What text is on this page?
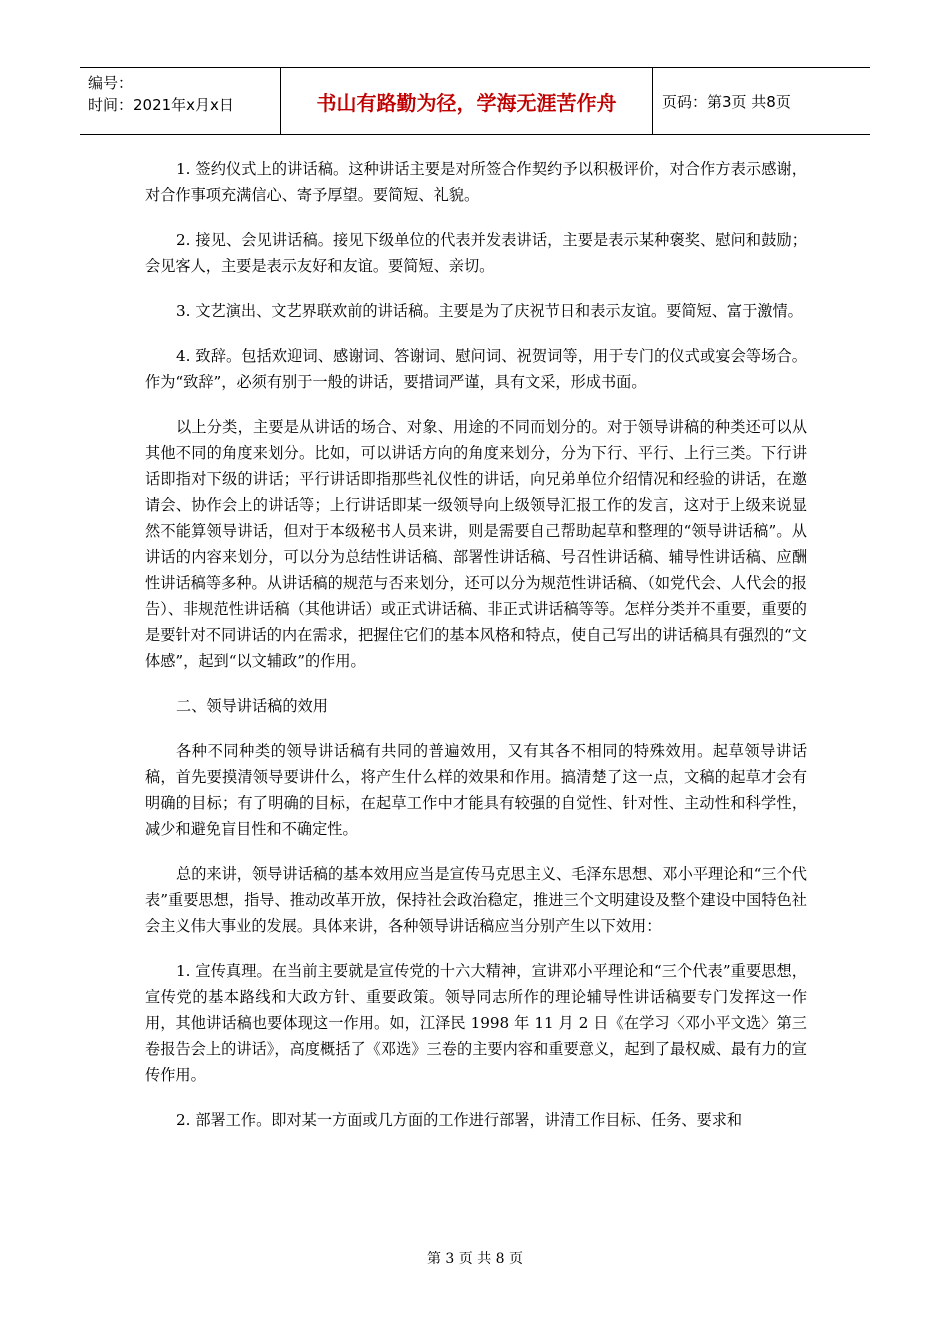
编号：
时间：2021年x月x日	书山有路勤为径，学海无涯苦作舟	页码：第3页 共8页

1. 签约仪式上的讲话稿。这种讲话主要是对所签合作契约予以积极评价，对合作方表示感谢，对合作事项充满信心、寄予厚望。要简短、礼貌。

2. 接见、会见讲话稿。接见下级单位的代表并发表讲话，主要是表示某种褒奖、慰问和鼓励；会见客人，主要是表示友好和友谊。要简短、亲切。

3. 文艺演出、文艺界联欢前的讲话稿。主要是为了庆祝节日和表示友谊。要简短、富于激情。

4. 致辞。包括欢迎词、感谢词、答谢词、慰问词、祝贺词等，用于专门的仪式或宴会等场合。作为“致辞”，必须有别于一般的讲话，要措词严谨，具有文采，形成书面。

以上分类，主要是从讲话的场合、对象、用途的不同而划分的。对于领导讲稿的种类还可以从其他不同的角度来划分。比如，可以讲话方向的角度来划分，分为下行、平行、上行三类。下行讲话即指对下级的讲话；平行讲话即指那些礼仪性的讲话，向兄弟单位介绍情况和经验的讲话，在邀请会、协作会上的讲话等；上行讲话即某一级领导向上级领导汇报工作的发言，这对于上级来说显然不能算领导讲话，但对于本级秘书人员来讲，则是需要自己帮助起草和整理的“领导讲话稿”。从讲话的内容来划分，可以分为总结性讲话稿、部署性讲话稿、号召性讲话稿、辅导性讲话稿、应酬性讲话稿等多种。从讲话稿的规范与否来划分，还可以分为规范性讲话稿、（如党代会、人代会的报告）、非规范性讲话稿（其他讲话）或正式讲话稿、非正式讲话稿等等。怎样分类并不重要，重要的是要针对不同讲话的内在需求，把握住它们的基本风格和特点，使自己写出的讲话稿具有强烈的“文体感”，起到“以文辅政”的作用。

二、领导讲话稿的效用

各种不同种类的领导讲话稿有共同的普遍效用，又有其各不相同的特殊效用。起草领导讲话稿，首先要摸清领导要讲什么，将产生什么样的效果和作用。搞清楚了这一点，文稿的起草才会有明确的目标；有了明确的目标，在起草工作中才能具有较强的自觉性、针对性、主动性和科学性，减少和避免盲目性和不确定性。

总的来讲，领导讲话稿的基本效用应当是宣传马克思主义、毛泽东思想、邓小平理论和“三个代表”重要思想，指导、推动改革开放，保持社会政治稳定，推进三个文明建设及整个建设中国特色社会主义伟大事业的发展。具体来讲，各种领导讲话稿应当分别产生以下效用：

1. 宣传真理。在当前主要就是宣传党的十六大精神，宣讲邓小平理论和“三个代表”重要思想，宣传党的基本路线和大政方针、重要政策。领导同志所作的理论辅导性讲话稿要专门发挥这一作用，其他讲话稿也要体现这一作用。如，江泽民 1998 年 11 月 2 日《在学习〈邓小平文选〉第三卷报告会上的讲话》，高度概括了《邓选》三卷的主要内容和重要意义，起到了最权威、最有力的宣传作用。

2. 部署工作。即对某一方面或几方面的工作进行部署，讲清工作目标、任务、要求和

第 3 页 共 8 页
